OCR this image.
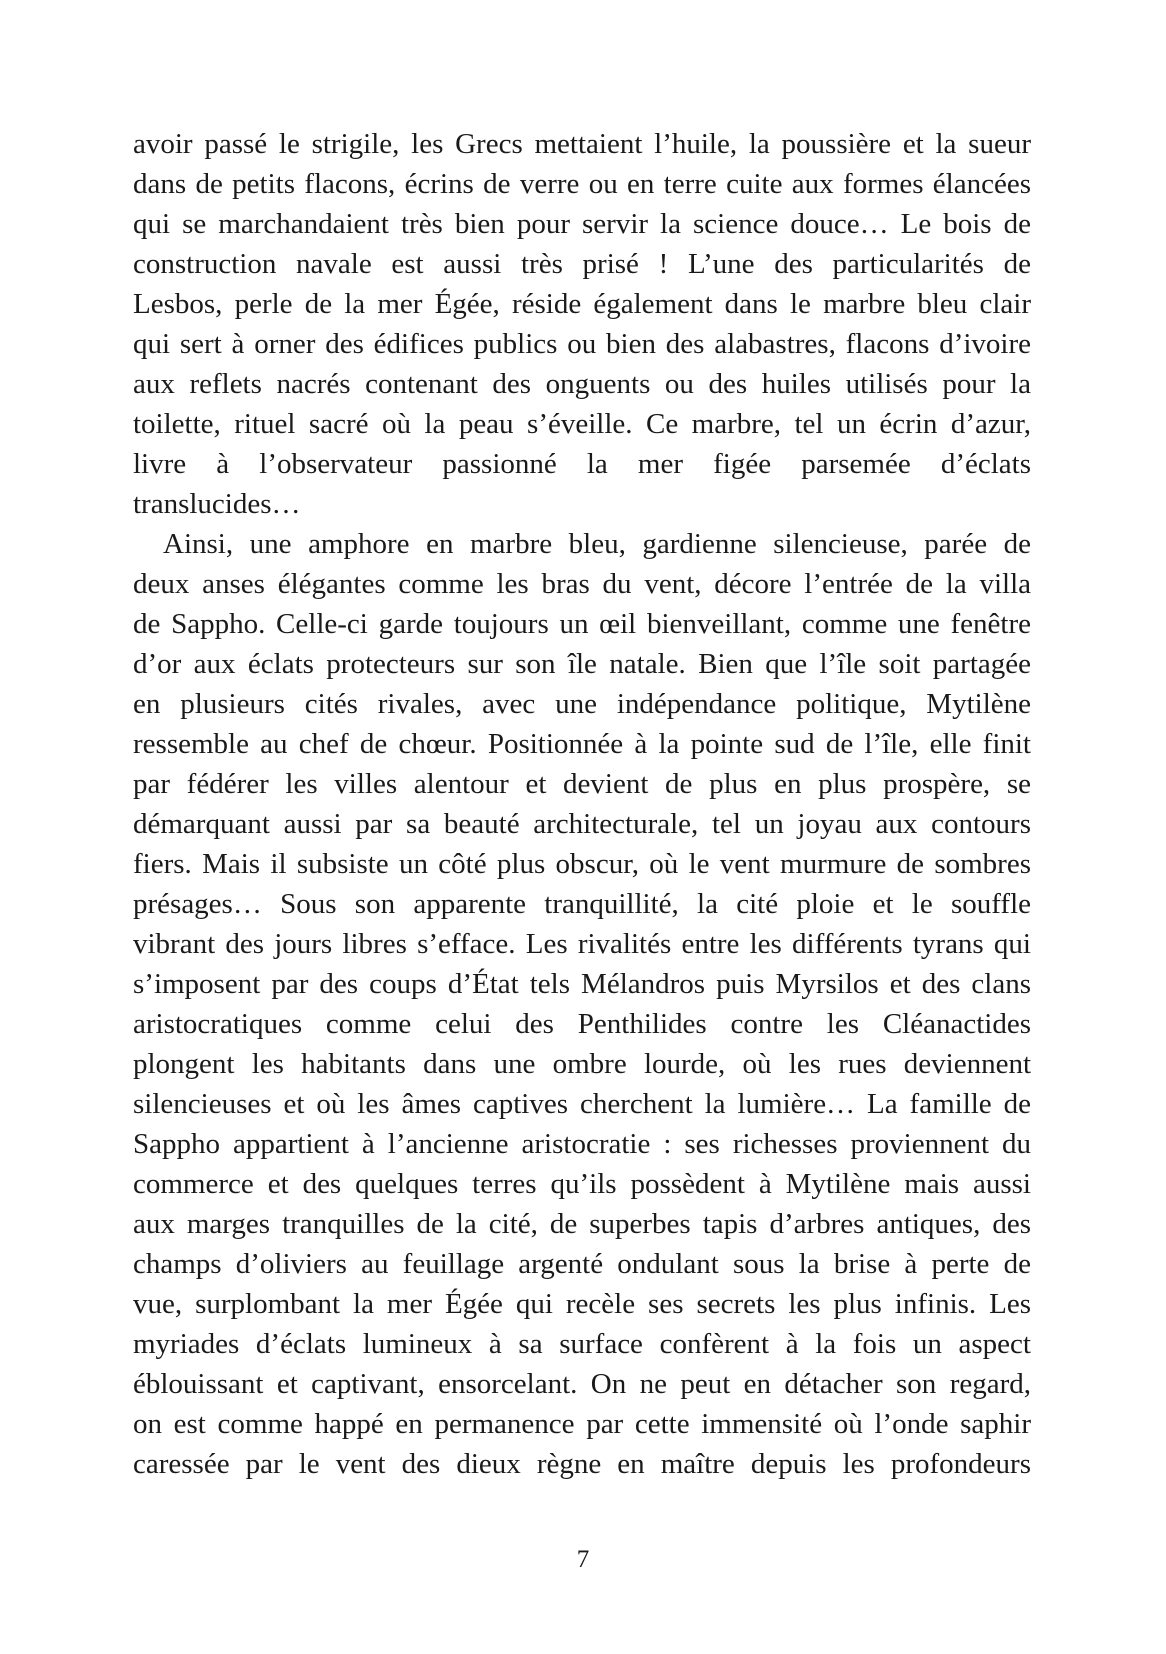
avoir passé le strigile, les Grecs mettaient l’huile, la poussière et la sueur
dans de petits flacons, écrins de verre ou en terre cuite aux formes élancées
qui se marchandaient très bien pour servir la science douce… Le bois de
construction navale est aussi très prisé ! L’une des particularités de
Lesbos, perle de la mer Égée, réside également dans le marbre bleu clair
qui sert à orner des édifices publics ou bien des alabastres, flacons d’ivoire
aux reflets nacrés contenant des onguents ou des huiles utilisés pour la
toilette, rituel sacré où la peau s’éveille. Ce marbre, tel un écrin d’azur,
livre à l’observateur passionné la mer figée parsemée d’éclats
translucides…
Ainsi, une amphore en marbre bleu, gardienne silencieuse, parée de
deux anses élégantes comme les bras du vent, décore l’entrée de la villa
de Sappho. Celle-ci garde toujours un œil bienveillant, comme une fenêtre
d’or aux éclats protecteurs sur son île natale. Bien que l’île soit partagée
en plusieurs cités rivales, avec une indépendance politique, Mytilène
ressemble au chef de chœur. Positionnée à la pointe sud de l’île, elle finit
par fédérer les villes alentour et devient de plus en plus prospère, se
démarquant aussi par sa beauté architecturale, tel un joyau aux contours
fiers. Mais il subsiste un côté plus obscur, où le vent murmure de sombres
présages… Sous son apparente tranquillité, la cité ploie et le souffle
vibrant des jours libres s’efface. Les rivalités entre les différents tyrans qui
s’imposent par des coups d’État tels Mélandros puis Myrsilos et des clans
aristocratiques comme celui des Penthilides contre les Cléanactides
plongent les habitants dans une ombre lourde, où les rues deviennent
silencieuses et où les âmes captives cherchent la lumière… La famille de
Sappho appartient à l’ancienne aristocratie : ses richesses proviennent du
commerce et des quelques terres qu’ils possèdent à Mytilène mais aussi
aux marges tranquilles de la cité, de superbes tapis d’arbres antiques, des
champs d’oliviers au feuillage argenté ondulant sous la brise à perte de
vue, surplombant la mer Égée qui recèle ses secrets les plus infinis. Les
myriades d’éclats lumineux à sa surface confèrent à la fois un aspect
éblouissant et captivant, ensorcelant. On ne peut en détacher son regard,
on est comme happé en permanence par cette immensité où l’onde saphir
caressée par le vent des dieux règne en maître depuis les profondeurs
7
